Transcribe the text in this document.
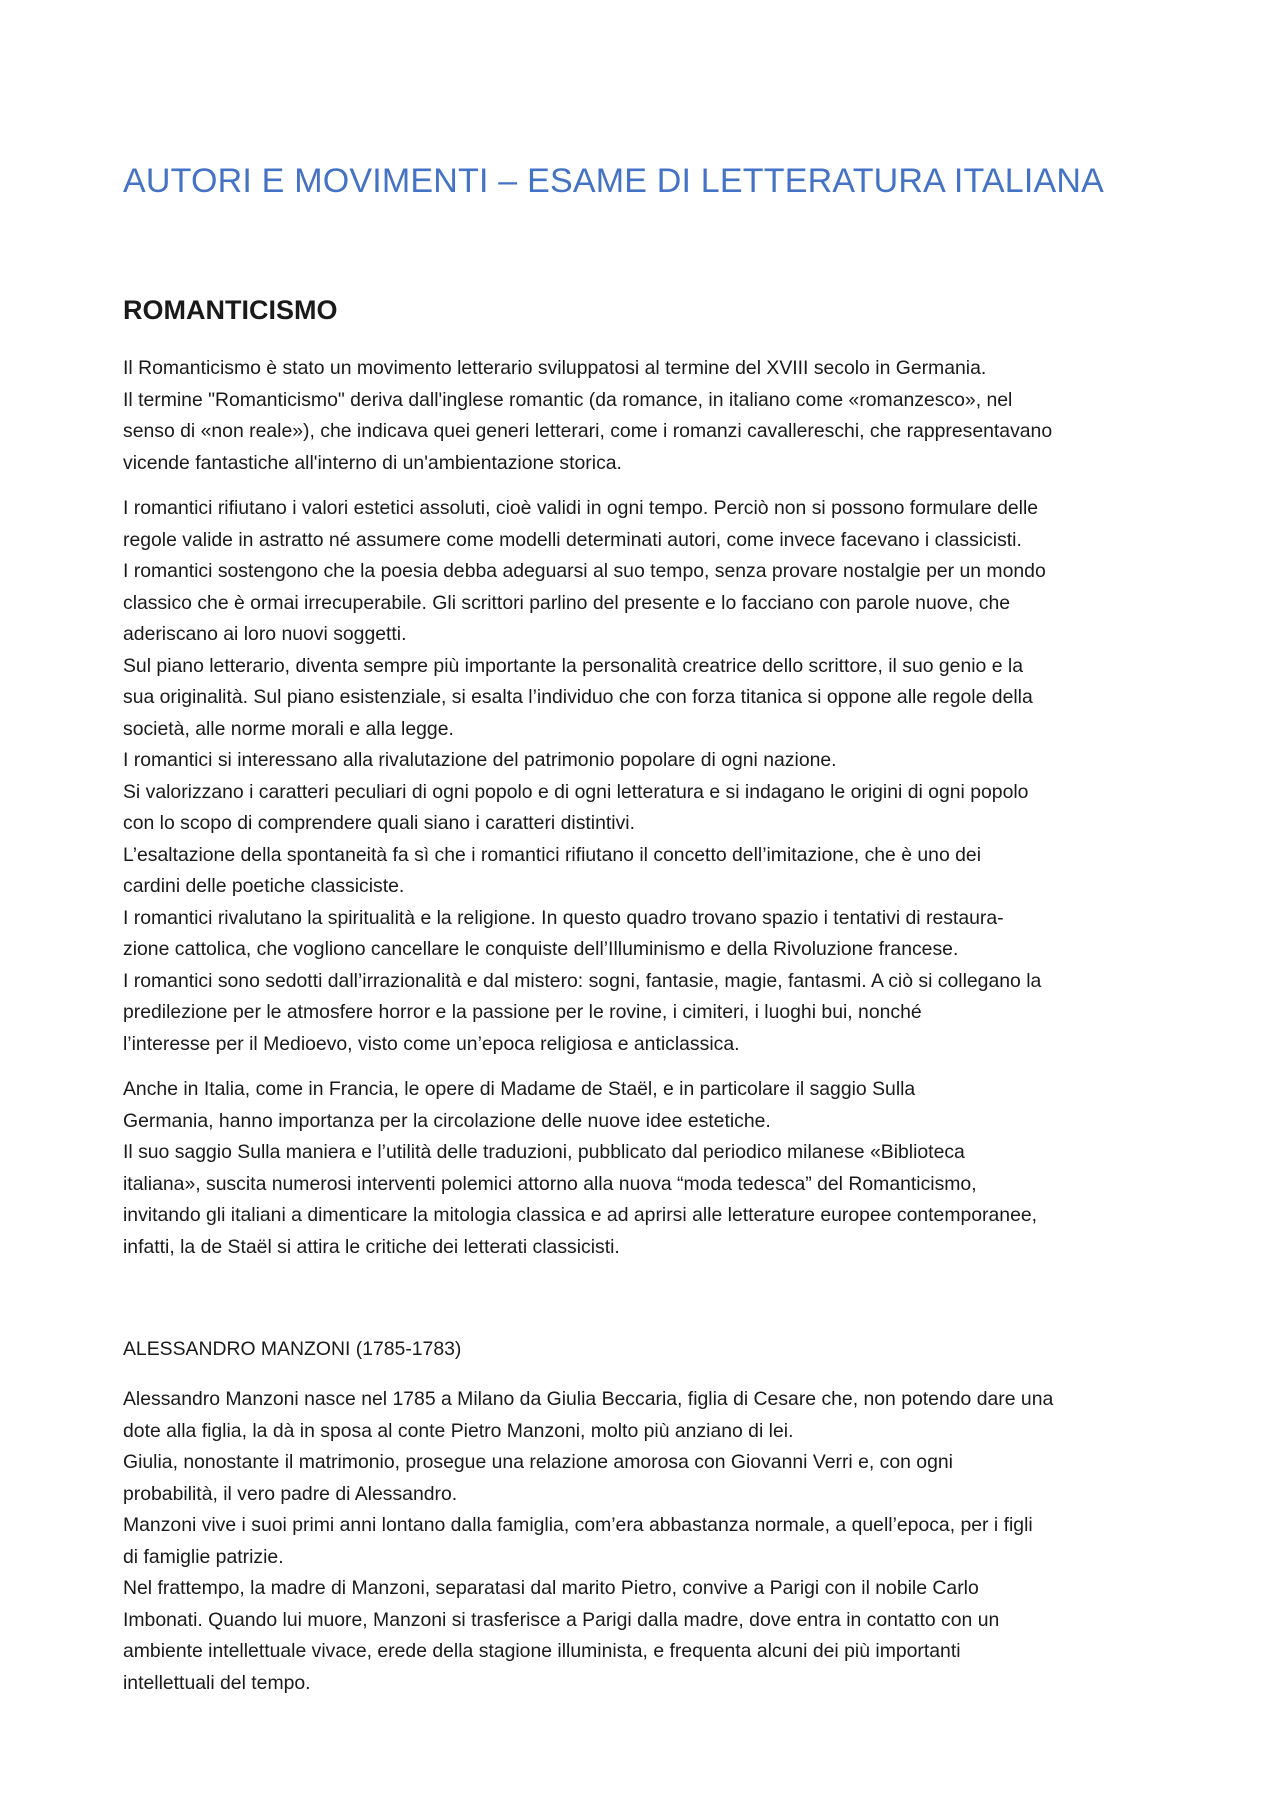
AUTORI E MOVIMENTI – ESAME DI LETTERATURA ITALIANA
ROMANTICISMO

Il Romanticismo è stato un movimento letterario sviluppatosi al termine del XVIII secolo in Germania.
Il termine "Romanticismo" deriva dall'inglese romantic (da romance, in italiano come «romanzesco», nel
senso di «non reale»), che indicava quei generi letterari, come i romanzi cavallereschi, che rappresentavano
vicende fantastiche all'interno di un'ambientazione storica.

I romantici rifiutano i valori estetici assoluti, cioè validi in ogni tempo. Perciò non si possono formulare delle
regole valide in astratto né assumere come modelli determinati autori, come invece facevano i classicisti.
I romantici sostengono che la poesia debba adeguarsi al suo tempo, senza provare nostalgie per un mondo
classico che è ormai irrecuperabile. Gli scrittori parlino del presente e lo facciano con parole nuove, che
aderiscano ai loro nuovi soggetti.
Sul piano letterario, diventa sempre più importante la personalità creatrice dello scrittore, il suo genio e la
sua originalità. Sul piano esistenziale, si esalta l’individuo che con forza titanica si oppone alle regole della
società, alle norme morali e alla legge.
I romantici si interessano alla rivalutazione del patrimonio popolare di ogni nazione.
Si valorizzano i caratteri peculiari di ogni popolo e di ogni letteratura e si indagano le origini di ogni popolo
con lo scopo di comprendere quali siano i caratteri distintivi.
L’esaltazione della spontaneità fa sì che i romantici rifiutano il concetto dell’imitazione, che è uno dei
cardini delle poetiche classiciste.
I romantici rivalutano la spiritualità e la religione. In questo quadro trovano spazio i tentativi di restaura-
zione cattolica, che vogliono cancellare le conquiste dell’Illuminismo e della Rivoluzione francese.
I romantici sono sedotti dall’irrazionalità e dal mistero: sogni, fantasie, magie, fantasmi. A ciò si collegano la
predilezione per le atmosfere horror e la passione per le rovine, i cimiteri, i luoghi bui, nonché
l’interesse per il Medioevo, visto come un’epoca religiosa e anticlassica.

Anche in Italia, come in Francia, le opere di Madame de Staël, e in particolare il saggio Sulla
Germania, hanno importanza per la circolazione delle nuove idee estetiche.
Il suo saggio Sulla maniera e l’utilità delle traduzioni, pubblicato dal periodico milanese «Biblioteca
italiana», suscita numerosi interventi polemici attorno alla nuova “moda tedesca” del Romanticismo,
invitando gli italiani a dimenticare la mitologia classica e ad aprirsi alle letterature europee contemporanee,
infatti, la de Staël si attira le critiche dei letterati classicisti.

ALESSANDRO MANZONI (1785-1783)

Alessandro Manzoni nasce nel 1785 a Milano da Giulia Beccaria, figlia di Cesare che, non potendo dare una
dote alla figlia, la dà in sposa al conte Pietro Manzoni, molto più anziano di lei.
Giulia, nonostante il matrimonio, prosegue una relazione amorosa con Giovanni Verri e, con ogni
probabilità, il vero padre di Alessandro.
Manzoni vive i suoi primi anni lontano dalla famiglia, com’era abbastanza normale, a quell’epoca, per i figli
di famiglie patrizie.
Nel frattempo, la madre di Manzoni, separatasi dal marito Pietro, convive a Parigi con il nobile Carlo
Imbonati. Quando lui muore, Manzoni si trasferisce a Parigi dalla madre, dove entra in contatto con un
ambiente intellettuale vivace, erede della stagione illuminista, e frequenta alcuni dei più importanti
intellettuali del tempo.
